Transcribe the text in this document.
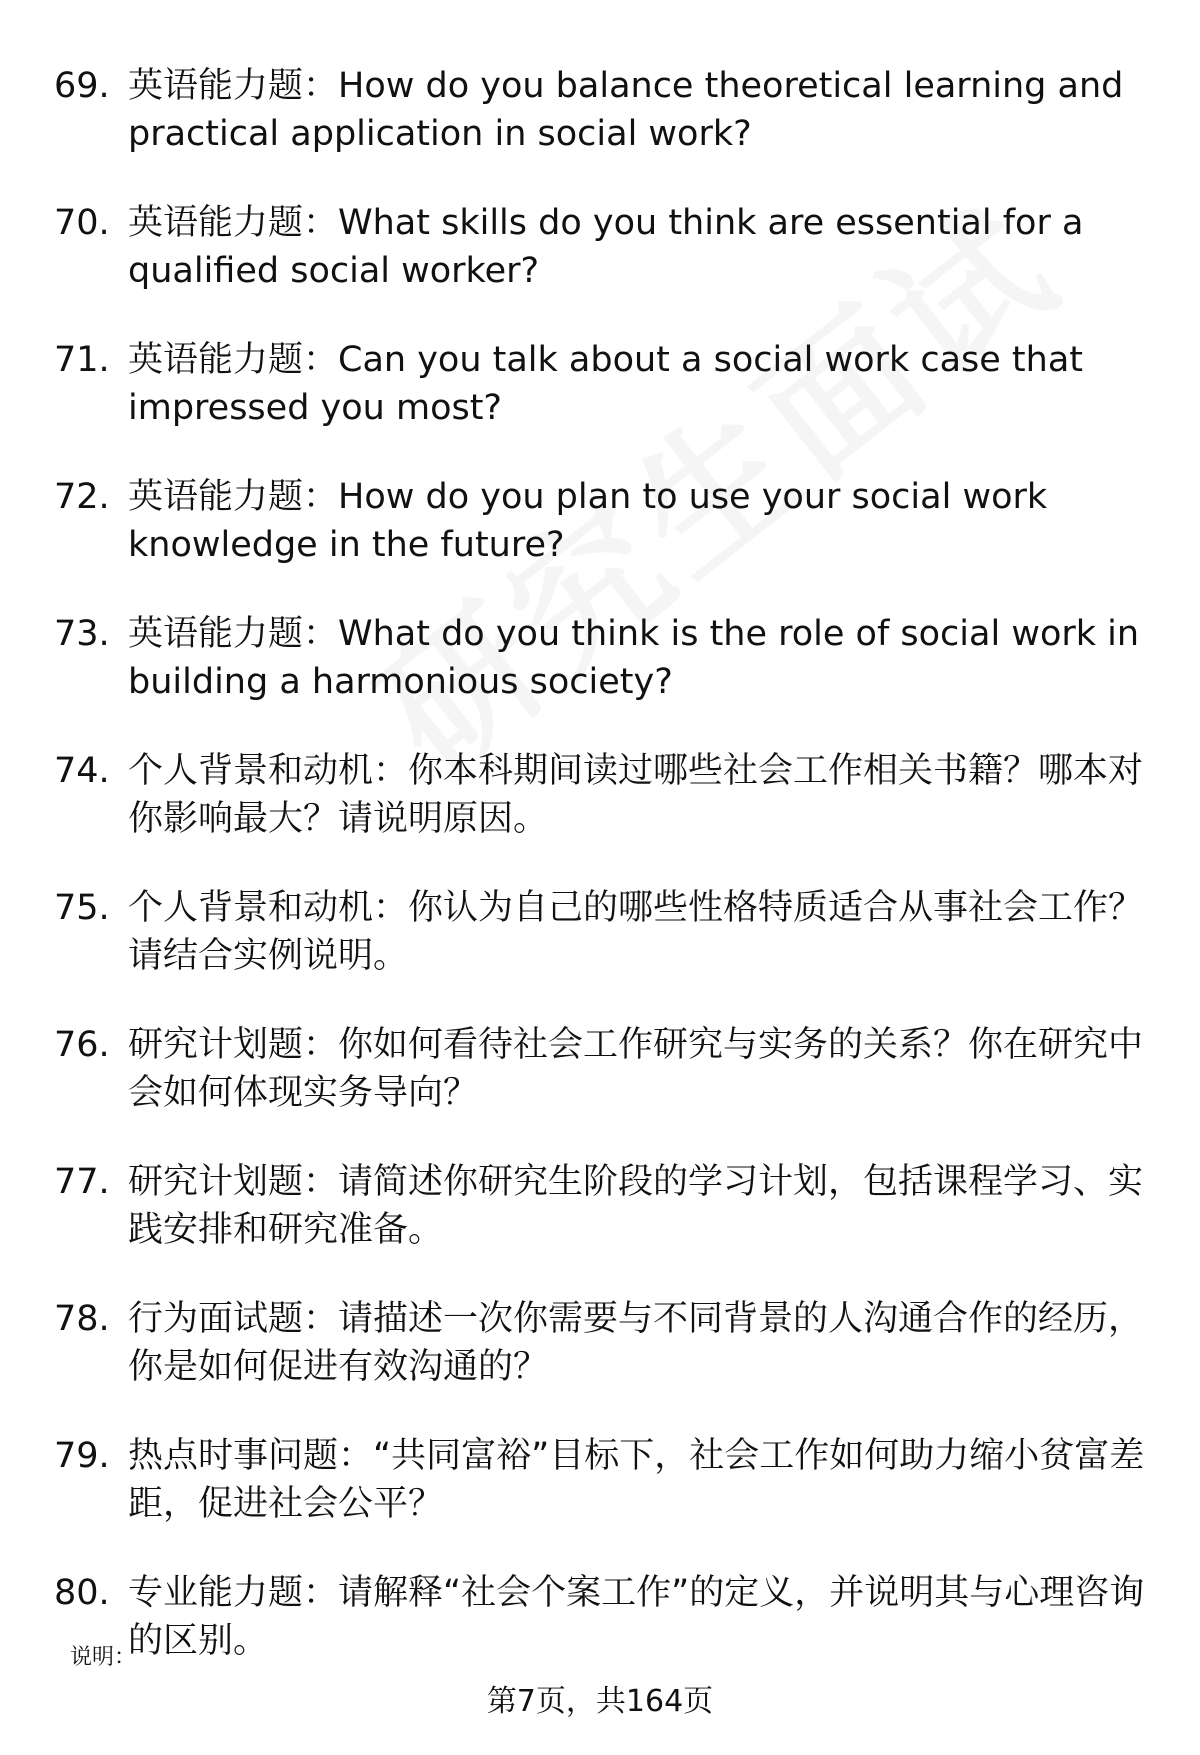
69. 英语能力题：How do you balance theoretical learning and practical application in social work?
70. 英语能力题：What skills do you think are essential for a qualified social worker?
71. 英语能力题：Can you talk about a social work case that impressed you most?
72. 英语能力题：How do you plan to use your social work knowledge in the future?
73. 英语能力题：What do you think is the role of social work in building a harmonious society?
74. 个人背景和动机：你本科期间读过哪些社会工作相关书籍？哪本对你影响最大？请说明原因。
75. 个人背景和动机：你认为自己的哪些性格特质适合从事社会工作？请结合实例说明。
76. 研究计划题：你如何看待社会工作研究与实务的关系？你在研究中会如何体现实务导向？
77. 研究计划题：请简述你研究生阶段的学习计划，包括课程学习、实践安排和研究准备。
78. 行为面试题：请描述一次你需要与不同背景的人沟通合作的经历，你是如何促进有效沟通的？
79. 热点时事问题：“共同富裕”目标下，社会工作如何助力缩小贫富差距，促进社会公平？
80. 专业能力题：请解释“社会个案工作”的定义，并说明其与心理咨询的区别。
说明：
第7页，共164页
